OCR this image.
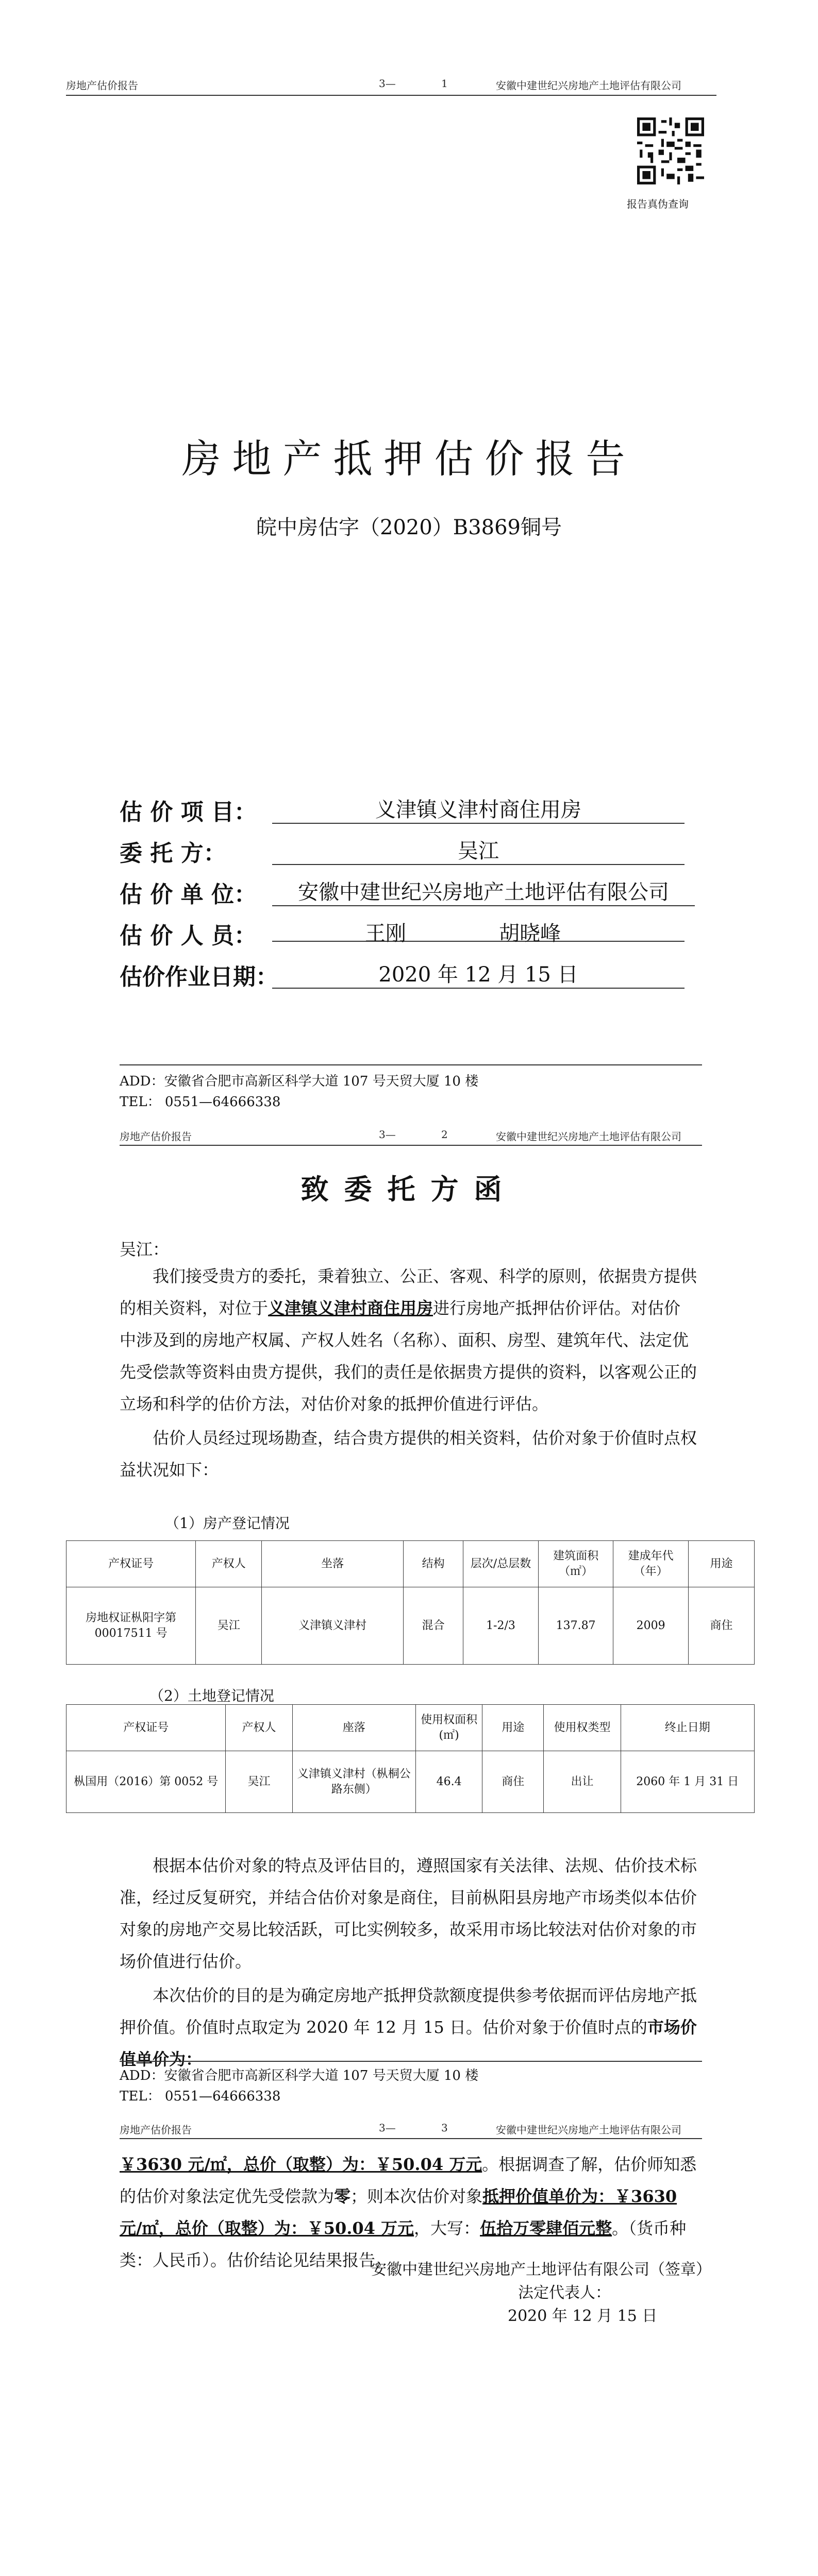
房地产估价报告	3—	1	安徽中建世纪兴房地产土地评估有限公司
报告真伪查询
房地产抵押估价报告
皖中房估字（2020）B3869铜号
估 价 项 目：	义津镇义津村商住用房
委 托 方：	吴江
估 价 单 位：	安徽中建世纪兴房地产土地评估有限公司
估 价 人 员：	王刚	胡晓峰

估价作业日期：	2020 年 12 月 15 日
ADD：安徽省合肥市高新区科学大道 107 号天贸大厦 10 楼
TEL： 0551—64666338
房地产估价报告	3—	2	安徽中建世纪兴房地产土地评估有限公司
致委托方函
吴江：
我们接受贵方的委托，秉着独立、公正、客观、科学的原则，依据贵方提供的相关资料，对位于义津镇义津村商住用房进行房地产抵押估价评估。对估价中涉及到的房地产权属、产权人姓名（名称）、面积、房型、建筑年代、法定优先受偿款等资料由贵方提供，我们的责任是依据贵方提供的资料，以客观公正的立场和科学的估价方法，对估价对象的抵押价值进行评估。
估价人员经过现场勘查，结合贵方提供的相关资料，估价对象于价值时点权益状况如下：
（1）房产登记情况
产权证号	产权人	坐落	结构	层次/总层数	建筑面积（㎡）	建成年代（年）	用途
房地权证枞阳字第 00017511 号	吴江	义津镇义津村	混合	1-2/3	137.87	2009	商住
（2）土地登记情况
产权证号	产权人	座落	使用权面积(㎡)	用途	使用权类型	终止日期
枞国用（2016）第 0052 号	吴江	义津镇义津村（枞桐公路东侧）	46.4	商住	出让	2060 年 1 月 31 日
根据本估价对象的特点及评估目的，遵照国家有关法律、法规、估价技术标准，经过反复研究，并结合估价对象是商住，目前枞阳县房地产市场类似本估价对象的房地产交易比较活跃，可比实例较多，故采用市场比较法对估价对象的市场价值进行估价。
本次估价的目的是为确定房地产抵押贷款额度提供参考依据而评估房地产抵押价值。价值时点取定为 2020 年 12 月 15 日。估价对象于价值时点的市场价值单价为：
ADD：安徽省合肥市高新区科学大道 107 号天贸大厦 10 楼
TEL： 0551—64666338
房地产估价报告	3—	3	安徽中建世纪兴房地产土地评估有限公司
￥3630 元/㎡，总价（取整）为：￥50.04 万元。根据调查了解，估价师知悉的估价对象法定优先受偿款为零；则本次估价对象抵押价值单价为：￥3630 元/㎡，总价（取整）为：￥50.04 万元，大写：伍拾万零肆佰元整。（货币种类：人民币）。估价结论见结果报告。
安徽中建世纪兴房地产土地评估有限公司（签章）
法定代表人：
2020 年 12 月 15 日
